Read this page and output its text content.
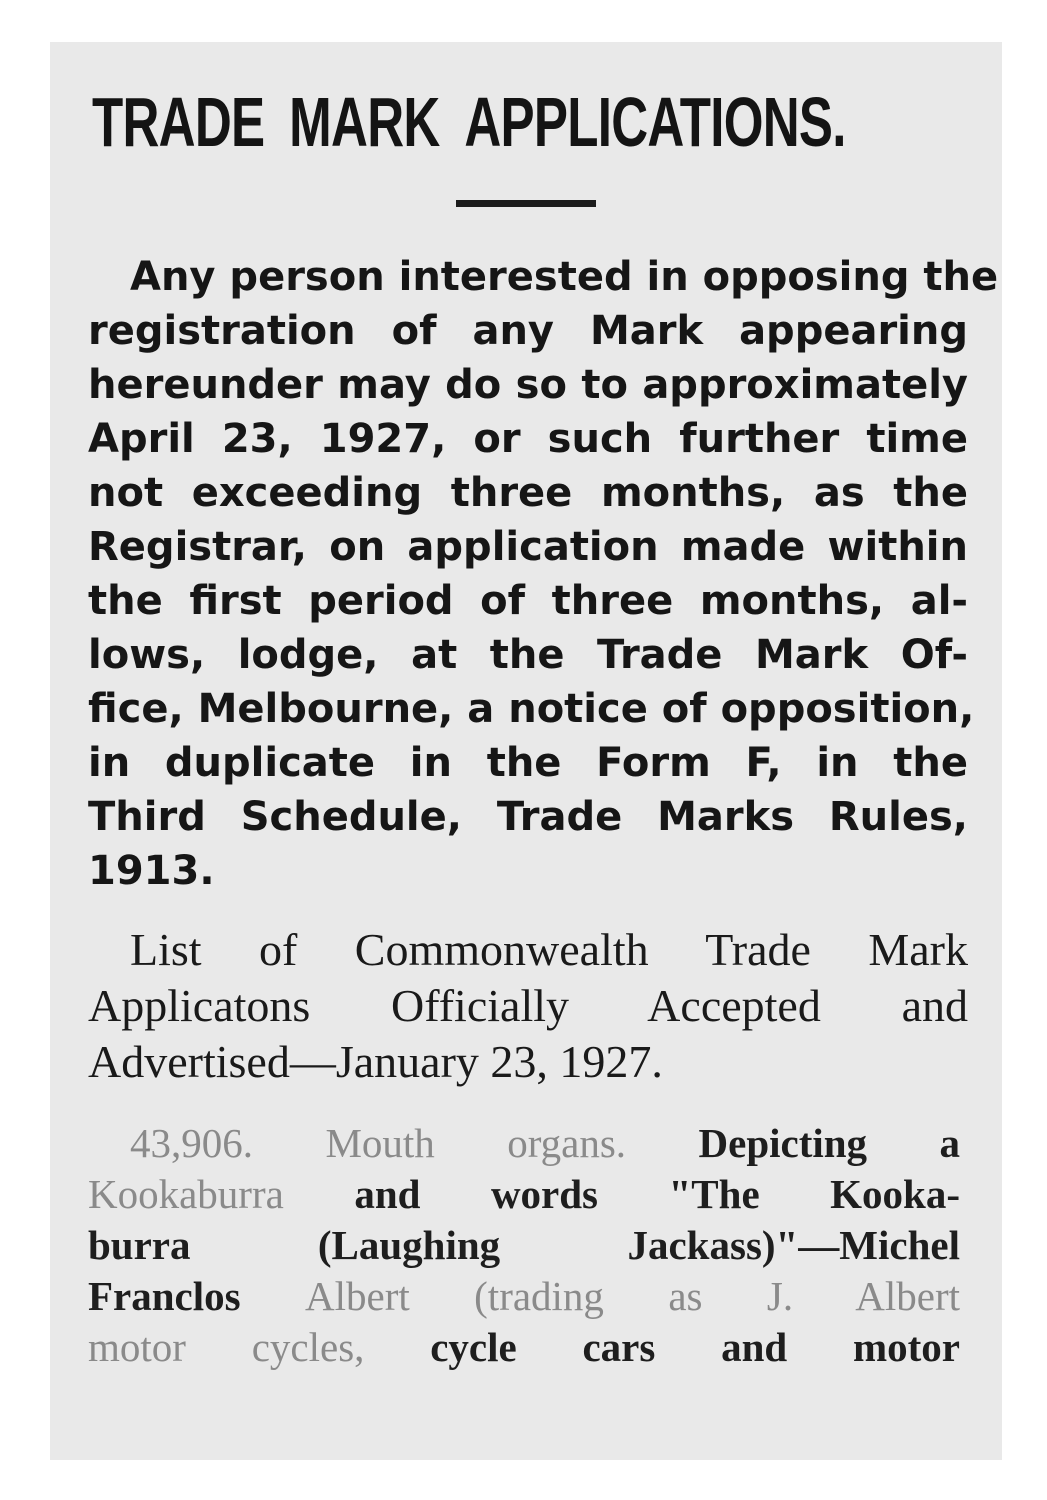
TRADE MARK APPLICATIONS.
Any person interested in opposing the
registration of any Mark appearing
hereunder may do so to approximately
April 23, 1927, or such further time
not exceeding three months, as the
Registrar, on application made within
the first period of three months, al-
lows, lodge, at the Trade Mark Of-
fice, Melbourne, a notice of opposition,
in duplicate in the Form F, in the
Third Schedule, Trade Marks Rules,
1913.
List of Commonwealth Trade Mark
Applicatons Officially Accepted and
Advertised—January 23, 1927.
43,906. Mouth organs. Depicting a
Kookaburra and words "The Kooka-
burra (Laughing Jackass)"—Michel
Franclos Albert (trading as J. Albert
motor cycles, cycle cars and motor
